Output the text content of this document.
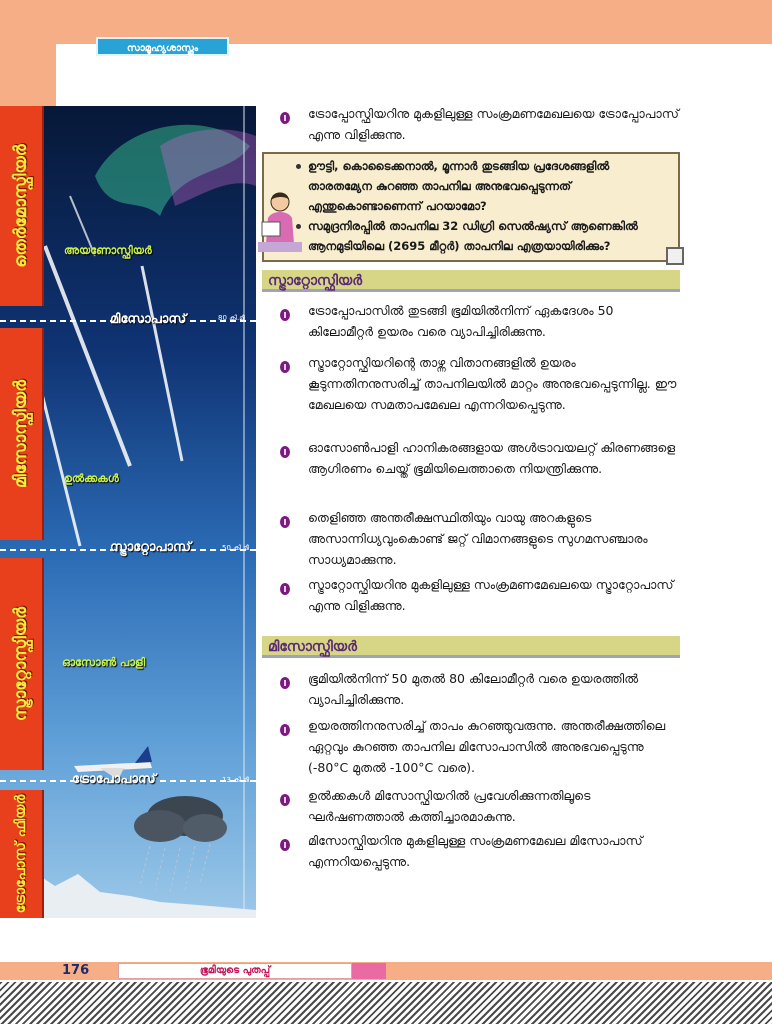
സാമൂഹ്യശാസ്ത്രം
തെർമോസ്ഫിയർ
മിസോസ്ഫിയർ
സ്ട്രാറ്റോസ്ഫിയർ
ട്രോപോസ് ഫിയർ
അയണോസ്ഫിയർ
മിസോപാസ്	80 കി.മീ
ഉൽക്കകൾ
സ്ട്രാറ്റോപാസ്	50 കി.മീ
ഓസോൺ പാളി
ട്രോപോപാസ്	13 കി.മീ

ട്രോപ്പോസ്ഫിയറിനു മുകളിലുള്ള സംക്രമണമേഖലയെ ട്രോപ്പോപാസ് എന്നു വിളിക്കുന്നു.

ഊട്ടി, കൊടൈക്കനാൽ, മൂന്നാർ തുടങ്ങിയ പ്രദേശങ്ങളിൽ താരതമ്യേന കുറഞ്ഞ താപനില അനുഭവപ്പെടുന്നത് എന്തുകൊണ്ടാണെന്ന് പറയാമോ?

സമുദ്രനിരപ്പിൽ താപനില 32 ഡിഗ്രി സെൽഷ്യസ് ആണെങ്കിൽ ആനമുടിയിലെ (2695 മീറ്റർ) താപനില എത്രയായിരിക്കും?

സ്ട്രാറ്റോസ്ഫിയർ

ട്രോപ്പോപാസിൽ തുടങ്ങി ഭൂമിയിൽനിന്ന് ഏകദേശം 50 കിലോമീറ്റർ ഉയരം വരെ വ്യാപിച്ചിരിക്കുന്നു.

സ്ട്രാറ്റോസ്ഫിയറിന്റെ താഴ്ന്ന വിതാനങ്ങളിൽ ഉയരം കൂടുന്നതിനനുസരിച്ച് താപനിലയിൽ മാറ്റം അനുഭവപ്പെടുന്നില്ല. ഈ മേഖലയെ സമതാപമേഖല എന്നറിയപ്പെടുന്നു.

ഓസോൺപാളി ഹാനികരങ്ങളായ അൾട്രാവയലറ്റ് കിരണങ്ങളെ ആഗിരണം ചെയ്ത് ഭൂമിയിലെത്താതെ നിയന്ത്രിക്കുന്നു.

തെളിഞ്ഞ അന്തരീക്ഷസ്ഥിതിയും വായു അറകളുടെ അസാന്നിധ്യവുംകൊണ്ട് ജറ്റ് വിമാനങ്ങളുടെ സുഗമസഞ്ചാരം സാധ്യമാക്കുന്നു.

സ്ട്രാറ്റോസ്ഫിയറിനു മുകളിലുള്ള സംക്രമണമേഖലയെ സ്ട്രാറ്റോപാസ് എന്നു വിളിക്കുന്നു.

മിസോസ്ഫിയർ

ഭൂമിയിൽനിന്ന് 50 മുതൽ 80 കിലോമീറ്റർ വരെ ഉയരത്തിൽ വ്യാപിച്ചിരിക്കുന്നു.

ഉയരത്തിനനുസരിച്ച് താപം കുറഞ്ഞുവരുന്നു. അന്തരീക്ഷത്തിലെ ഏറ്റവും കുറഞ്ഞ താപനില മിസോപാസിൽ അനുഭവപ്പെടുന്നു (-80°C മുതൽ -100°C വരെ).

ഉൽക്കകൾ മിസോസ്ഫിയറിൽ പ്രവേശിക്കുന്നതിലൂടെ ഘർഷണത്താൽ കത്തിച്ചാരമാകുന്നു.

മിസോസ്ഫിയറിനു മുകളിലുള്ള സംക്രമണമേഖല മിസോപാസ് എന്നറിയപ്പെടുന്നു.

176	ഭൂമിയുടെ പുതപ്പ്
